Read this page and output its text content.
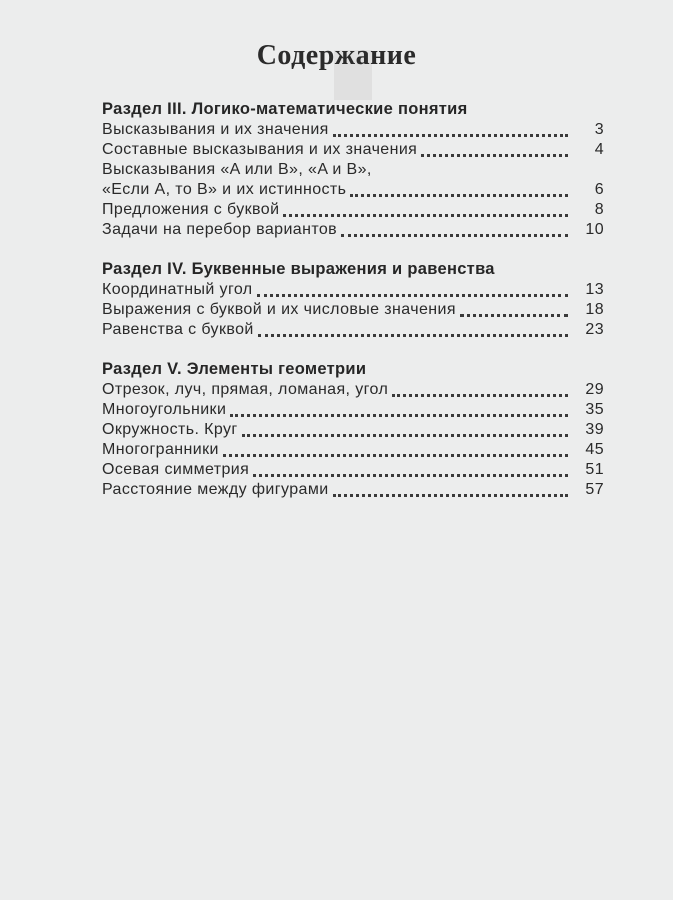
Содержание
Раздел III. Логико-математические понятия
Высказывания и их значения	3
Составные высказывания и их значения	4
Высказывания «A или B», «A и B»,
«Если A, то B» и их истинность	6
Предложения с буквой	8
Задачи на перебор вариантов	10
Раздел IV. Буквенные выражения и равенства
Координатный угол	13
Выражения с буквой и их числовые значения	18
Равенства с буквой	23
Раздел V. Элементы геометрии
Отрезок, луч, прямая, ломаная, угол	29
Многоугольники	35
Окружность. Круг	39
Многогранники	45
Осевая симметрия	51
Расстояние между фигурами	57
